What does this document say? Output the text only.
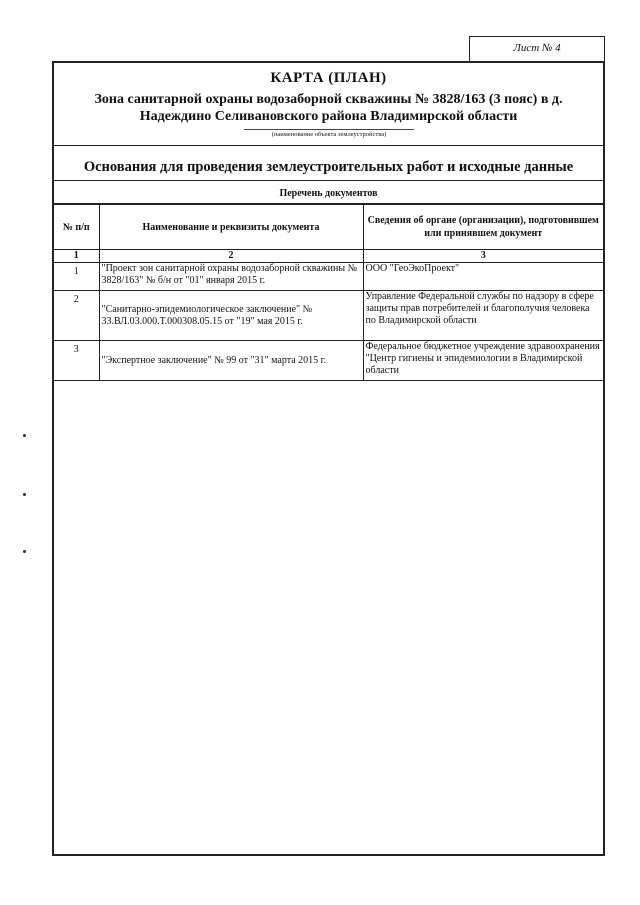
Лист № 4
КАРТА (ПЛАН)
Зона санитарной охраны водозаборной скважины № 3828/163 (3 пояс) в д.
Надеждино Селивановского района Владимирской области
(наименование объекта землеустройства)
Основания для проведения землеустроительных работ и исходные данные
Перечень документов
№ п/п	Наименование и реквизиты документа	Сведения об органе (организации), подготовившем или принявшем документ
1	2	3
1	"Проект зон санитарной охраны водозаборной скважины № 3828/163" № б/н от "01" января 2015 г.	ООО "ГеоЭкоПроект"
2	"Санитарно-эпидемиологическое заключение" № 33.ВЛ.03.000.Т.000308.05.15 от "19" мая 2015 г.	Управление Федеральной службы по надзору в сфере защиты прав потребителей и благополучия человека по Владимирской области
3	"Экспертное заключение" № 99 от "31" марта 2015 г.	Федеральное бюджетное учреждение здравоохранения "Центр гигиены и эпидемиологии в Владимирской области
